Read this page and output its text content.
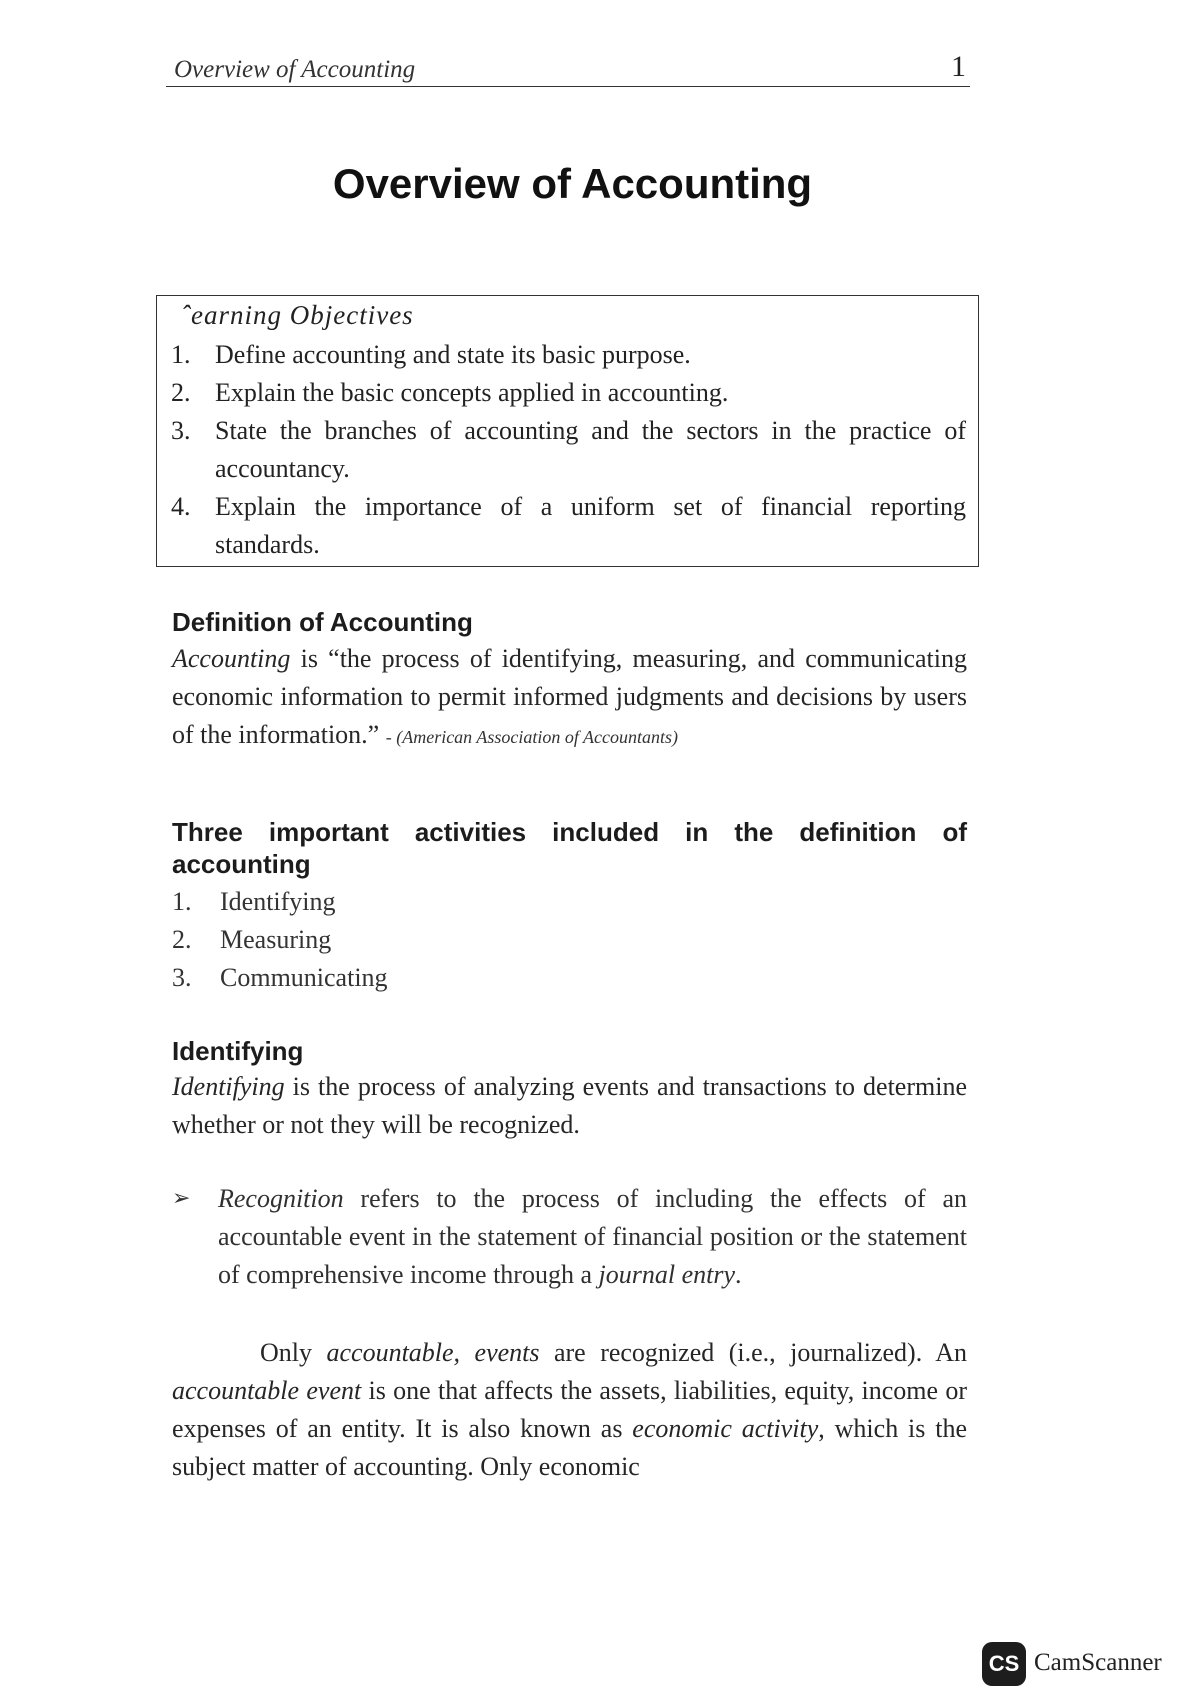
Overview of Accounting	1
Overview of Accounting
ˆearning Objectives
1. Define accounting and state its basic purpose.
2. Explain the basic concepts applied in accounting.
3. State the branches of accounting and the sectors in the practice of accountancy.
4. Explain the importance of a uniform set of financial reporting standards.
Definition of Accounting
Accounting is “the process of identifying, measuring, and communicating economic information to permit informed judgments and decisions by users of the information.” - (American Association of Accountants)
Three important activities included in the definition of accounting
1.	Identifying
2.	Measuring
3.	Communicating
Identifying
Identifying is the process of analyzing events and transactions to determine whether or not they will be recognized.
➢ Recognition refers to the process of including the effects of an accountable event in the statement of financial position or the statement of comprehensive income through a journal entry.
Only accountable, events are recognized (i.e., journalized). An accountable event is one that affects the assets, liabilities, equity, income or expenses of an entity. It is also known as economic activity, which is the subject matter of accounting. Only economic
CS CamScanner
